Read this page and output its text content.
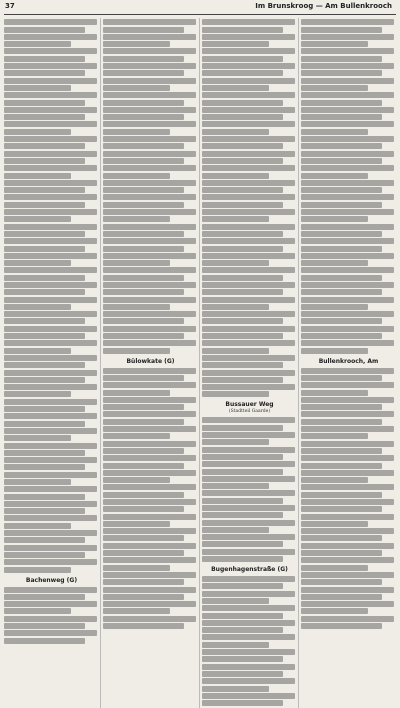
37	Im Brunskroog — Am Bullenkrooch
Bachenweg (G)
Bülowkate (G)
Bussauer Weg
(Stadtteil Gaarde)
Bugenhagenstraße (G)
Bullenkrooch, Am
